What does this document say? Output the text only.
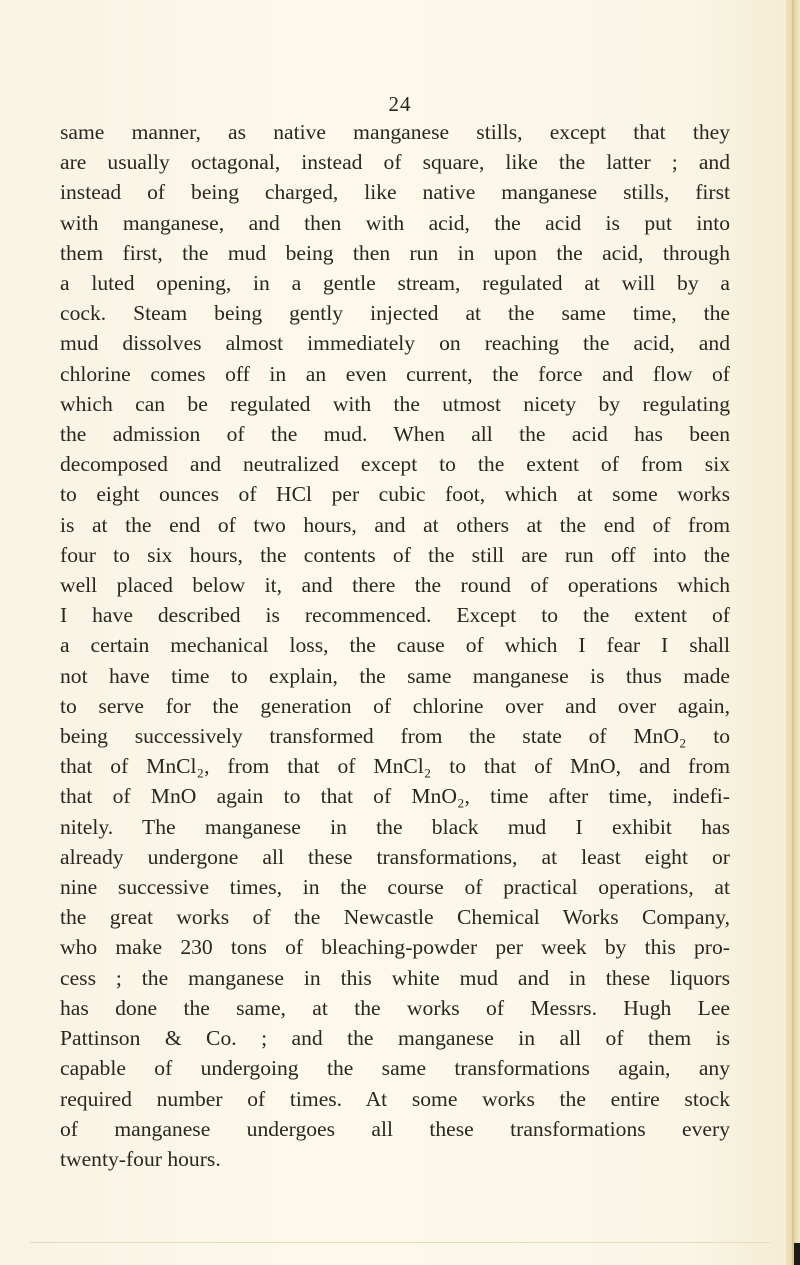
24
same manner, as native manganese stills, except that they
are usually octagonal, instead of square, like the latter ; and
instead of being charged, like native manganese stills, first
with manganese, and then with acid, the acid is put into
them first, the mud being then run in upon the acid, through
a luted opening, in a gentle stream, regulated at will by a
cock. Steam being gently injected at the same time, the
mud dissolves almost immediately on reaching the acid, and
chlorine comes off in an even current, the force and flow of
which can be regulated with the utmost nicety by regulating
the admission of the mud. When all the acid has been
decomposed and neutralized except to the extent of from six
to eight ounces of HCl per cubic foot, which at some works
is at the end of two hours, and at others at the end of from
four to six hours, the contents of the still are run off into the
well placed below it, and there the round of operations which
I have described is recommenced. Except to the extent of
a certain mechanical loss, the cause of which I fear I shall
not have time to explain, the same manganese is thus made
to serve for the generation of chlorine over and over again,
being successively transformed from the state of MnO₂ to
that of MnCl₂, from that of MnCl₂ to that of MnO, and from
that of MnO again to that of MnO₂, time after time, indefi-
nitely. The manganese in the black mud I exhibit has
already undergone all these transformations, at least eight or
nine successive times, in the course of practical operations, at
the great works of the Newcastle Chemical Works Company,
who make 230 tons of bleaching-powder per week by this pro-
cess ; the manganese in this white mud and in these liquors
has done the same, at the works of Messrs. Hugh Lee
Pattinson & Co. ; and the manganese in all of them is
capable of undergoing the same transformations again, any
required number of times. At some works the entire stock
of manganese undergoes all these transformations every
twenty-four hours.
